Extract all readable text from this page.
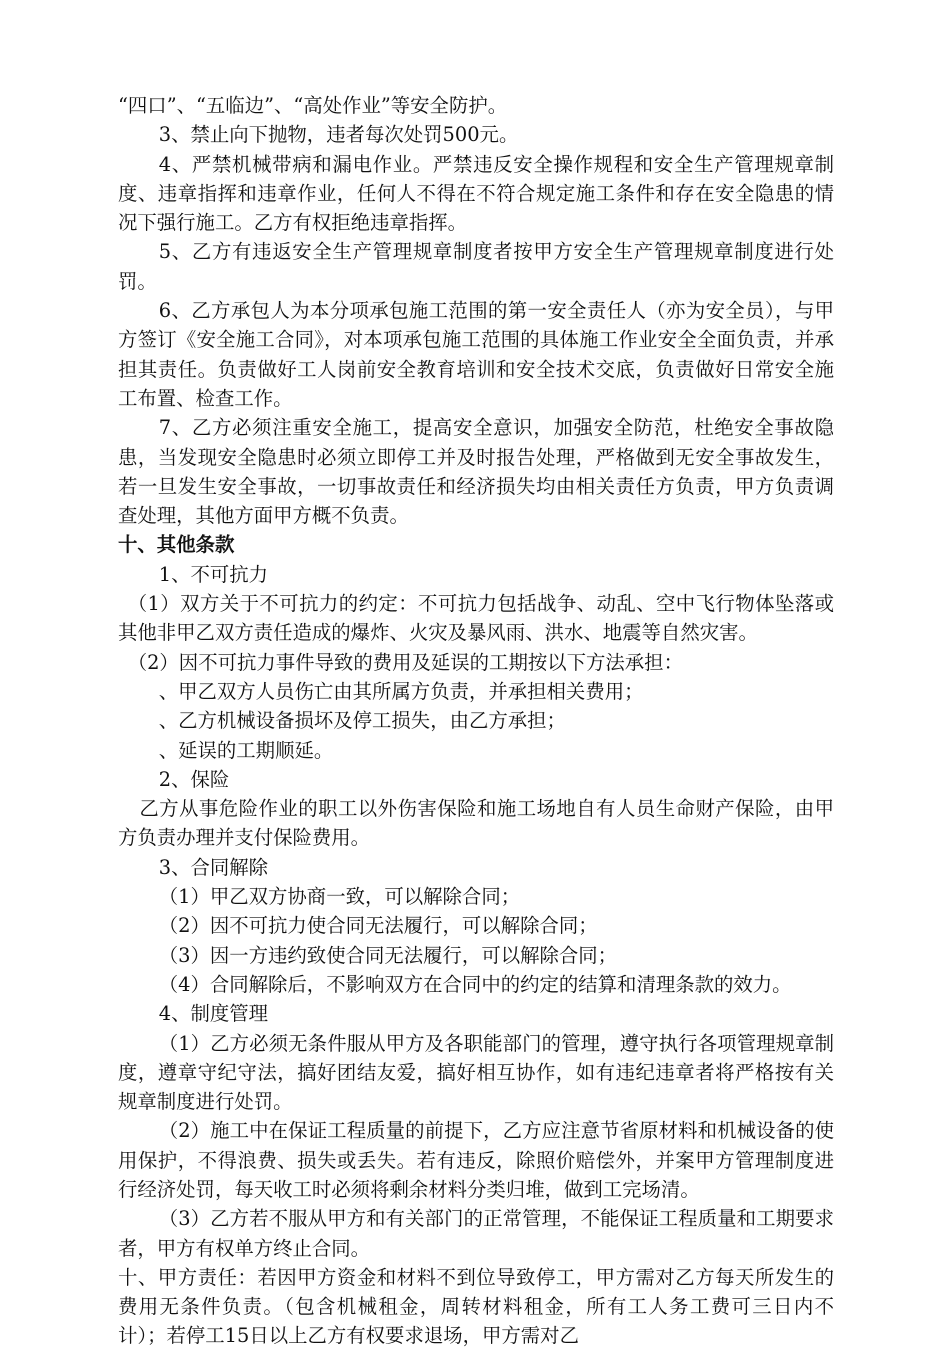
“四口”、“五临边”、“高处作业”等安全防护。

3、禁止向下抛物，违者每次处罚500元。

4、严禁机械带病和漏电作业。严禁违反安全操作规程和安全生产管理规章制度、违章指挥和违章作业，任何人不得在不符合规定施工条件和存在安全隐患的情况下强行施工。乙方有权拒绝违章指挥。

5、乙方有违返安全生产管理规章制度者按甲方安全生产管理规章制度进行处罚。

6、乙方承包人为本分项承包施工范围的第一安全责任人（亦为安全员），与甲方签订《安全施工合同》，对本项承包施工范围的具体施工作业安全全面负责，并承担其责任。负责做好工人岗前安全教育培训和安全技术交底，负责做好日常安全施工布置、检查工作。

7、乙方必须注重安全施工，提高安全意识，加强安全防范，杜绝安全事故隐患，当发现安全隐患时必须立即停工并及时报告处理，严格做到无安全事故发生，若一旦发生安全事故，一切事故责任和经济损失均由相关责任方负责，甲方负责调查处理，其他方面甲方概不负责。

十、其他条款

1、不可抗力

（1）双方关于不可抗力的约定：不可抗力包括战争、动乱、空中飞行物体坠落或其他非甲乙双方责任造成的爆炸、火灾及暴风雨、洪水、地震等自然灾害。

（2）因不可抗力事件导致的费用及延误的工期按以下方法承担：

、甲乙双方人员伤亡由其所属方负责，并承担相关费用；

、乙方机械设备损坏及停工损失，由乙方承担；

、延误的工期顺延。

2、保险

乙方从事危险作业的职工以外伤害保险和施工场地自有人员生命财产保险，由甲方负责办理并支付保险费用。

3、合同解除

（1）甲乙双方协商一致，可以解除合同；

（2）因不可抗力使合同无法履行，可以解除合同；

（3）因一方违约致使合同无法履行，可以解除合同；

（4）合同解除后，不影响双方在合同中的约定的结算和清理条款的效力。

4、制度管理

（1）乙方必须无条件服从甲方及各职能部门的管理，遵守执行各项管理规章制度，遵章守纪守法，搞好团结友爱，搞好相互协作，如有违纪违章者将严格按有关规章制度进行处罚。

（2）施工中在保证工程质量的前提下，乙方应注意节省原材料和机械设备的使用保护，不得浪费、损失或丢失。若有违反，除照价赔偿外，并案甲方管理制度进行经济处罚，每天收工时必须将剩余材料分类归堆，做到工完场清。

（3）乙方若不服从甲方和有关部门的正常管理，不能保证工程质量和工期要求者，甲方有权单方终止合同。

十、甲方责任：若因甲方资金和材料不到位导致停工，甲方需对乙方每天所发生的费用无条件负责。（包含机械租金，周转材料租金，所有工人务工费可三日内不计）；若停工15日以上乙方有权要求退场，甲方需对乙
